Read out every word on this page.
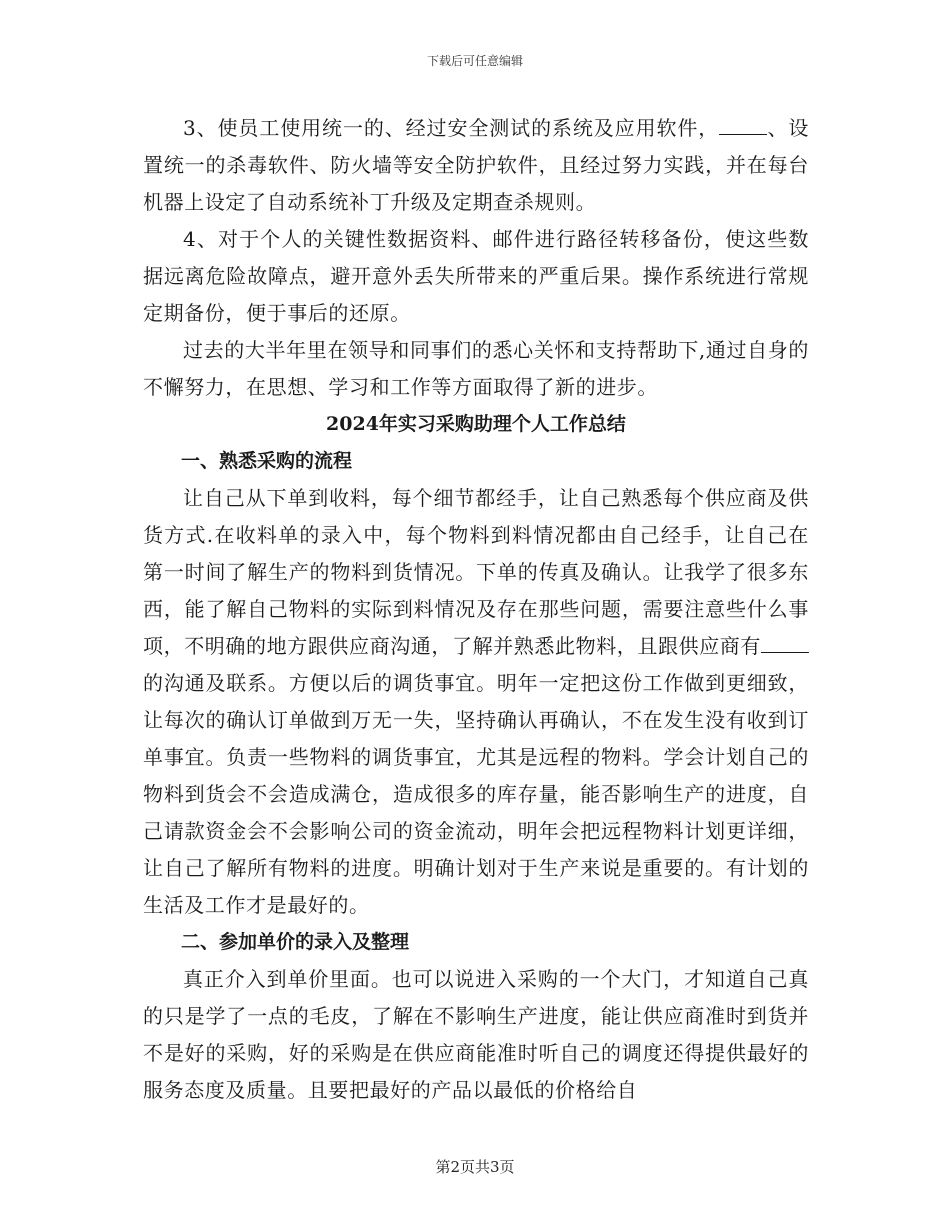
下载后可任意编辑

3、使员工使用统一的、经过安全测试的系统及应用软件， 、设置统一的杀毒软件、防火墙等安全防护软件，且经过努力实践，并在每台机器上设定了自动系统补丁升级及定期查杀规则。

4、对于个人的关键性数据资料、邮件进行路径转移备份，使这些数据远离危险故障点，避开意外丢失所带来的严重后果。操作系统进行常规定期备份，便于事后的还原。

过去的大半年里在领导和同事们的悉心关怀和支持帮助下,通过自身的不懈努力，在思想、学习和工作等方面取得了新的进步。

2024年实习采购助理个人工作总结

一、熟悉采购的流程

让自己从下单到收料，每个细节都经手，让自己熟悉每个供应商及供货方式.在收料单的录入中，每个物料到料情况都由自己经手，让自己在第一时间了解生产的物料到货情况。下单的传真及确认。让我学了很多东西，能了解自己物料的实际到料情况及存在那些问题，需要注意些什么事项，不明确的地方跟供应商沟通，了解并熟悉此物料，且跟供应商有的沟通及联系。方便以后的调货事宜。明年一定把这份工作做到更细致，让每次的确认订单做到万无一失，坚持确认再确认，不在发生没有收到订单事宜。负责一些物料的调货事宜，尤其是远程的物料。学会计划自己的物料到货会不会造成满仓，造成很多的库存量，能否影响生产的进度，自己请款资金会不会影响公司的资金流动，明年会把远程物料计划更详细，让自己了解所有物料的进度。明确计划对于生产来说是重要的。有计划的生活及工作才是最好的。

二、参加单价的录入及整理

真正介入到单价里面。也可以说进入采购的一个大门，才知道自己真的只是学了一点的毛皮，了解在不影响生产进度，能让供应商准时到货并不是好的采购，好的采购是在供应商能准时听自己的调度还得提供最好的服务态度及质量。且要把最好的产品以最低的价格给自

第2页共3页
